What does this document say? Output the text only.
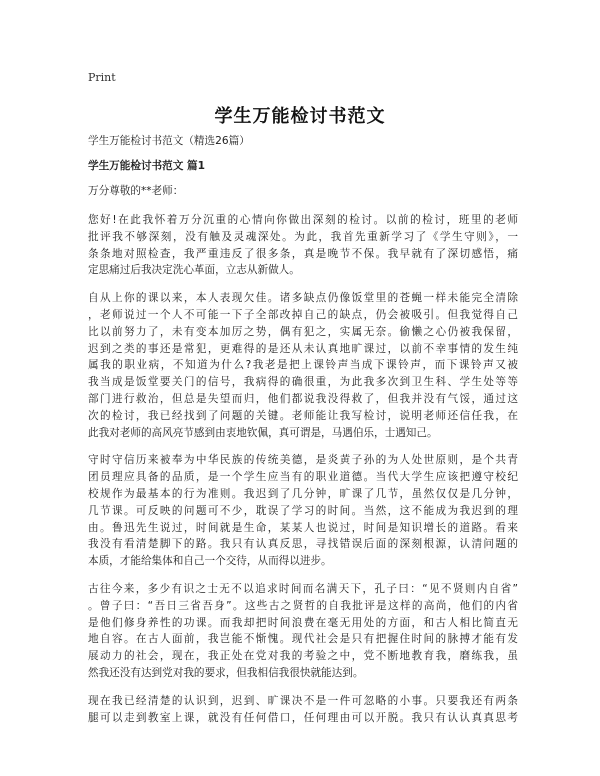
Print
学生万能检讨书范文
学生万能检讨书范文（精选26篇）
学生万能检讨书范文 篇1
万分尊敬的**老师：
您好!在此我怀着万分沉重的心情向你做出深刻的检讨。以前的检讨，班里的老师
批评我不够深刻，没有触及灵魂深处。为此，我首先重新学习了《学生守则》，一
条条地对照检查，我严重违反了很多条，真是晚节不保。我早就有了深切感悟，痛
定思痛过后我决定洗心革面，立志从新做人。
自从上你的课以来，本人表现欠佳。诸多缺点仍像饭堂里的苍蝇一样未能完全清除
，老师说过一个人不可能一下子全部改掉自己的缺点，仍会被吸引。但我觉得自己
比以前努力了，未有变本加厉之势，偶有犯之，实属无奈。偷懒之心仍被我保留，
迟到之类的事还是常犯，更难得的是还从未认真地旷课过，以前不幸事情的发生纯
属我的职业病，不知道为什么?我老是把上课铃声当成下课铃声，而下课铃声又被
我当成是饭堂要关门的信号，我病得的确很重，为此我多次到卫生科、学生处等等
部门进行救治，但总是失望而归，他们都说我没得救了，但我并没有气馁，通过这
次的检讨，我已经找到了问题的关键。老师能让我写检讨，说明老师还信任我，在
此我对老师的高风亮节感到由衷地钦佩，真可谓是，马遇伯乐，士遇知己。
守时守信历来被奉为中华民族的传统美德，是炎黄子孙的为人处世原则，是个共青
团员理应具备的品质，是一个学生应当有的职业道德。当代大学生应该把遵守校纪
校规作为最基本的行为准则。我迟到了几分钟，旷课了几节，虽然仅仅是几分钟，
几节课。可反映的问题可不少，耽误了学习的时间。当然，这不能成为我迟到的理
由。鲁迅先生说过，时间就是生命，某某人也说过，时间是知识增长的道路。看来
我没有看清楚脚下的路。我只有认真反思，寻找错误后面的深刻根源，认清问题的
本质，才能给集体和自己一个交待，从而得以进步。
古往今来，多少有识之士无不以追求时间而名满天下，孔子曰：“见不贤则内自省”
。曾子曰：“吾日三省吾身”。这些古之贤哲的自我批评是这样的高尚，他们的内省
是他们修身养性的功课。而我却把时间浪费在毫无用处的方面，和古人相比简直无
地自容。在古人面前，我岂能不惭愧。现代社会是只有把握住时间的脉搏才能有发
展动力的社会，现在，我正处在党对我的考验之中，党不断地教育我，磨练我，虽
然我还没有达到党对我的要求，但我相信我很快就能达到。
现在我已经清楚的认识到，迟到、旷课决不是一件可忽略的小事。只要我还有两条
腿可以走到教室上课，就没有任何借口，任何理由可以开脱。我只有认认真真思考
